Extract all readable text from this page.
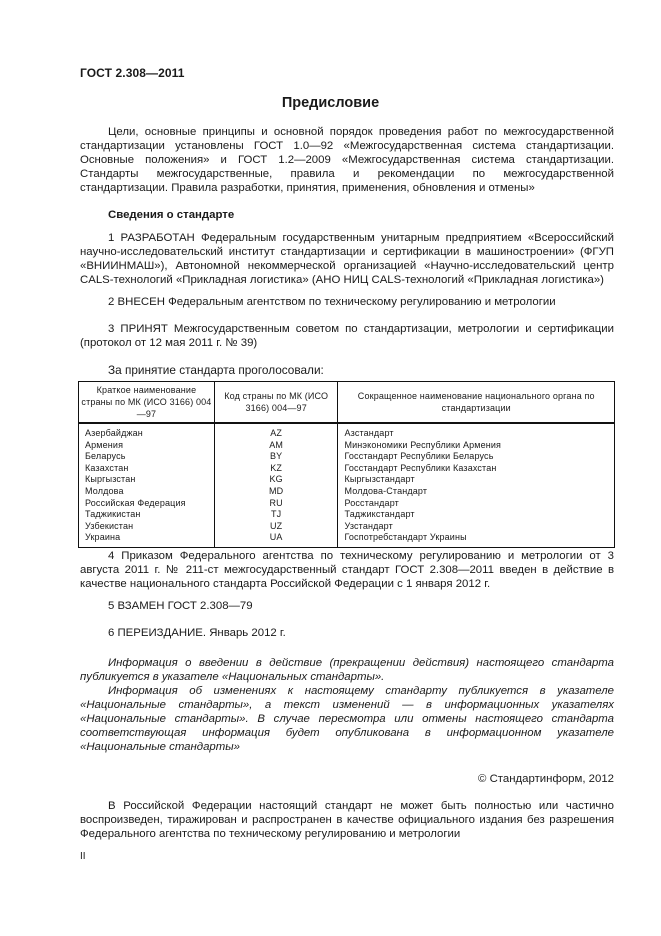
ГОСТ 2.308—2011
Предисловие

Цели, основные принципы и основной порядок проведения работ по межгосударственной стандартизации установлены ГОСТ 1.0—92 «Межгосударственная система стандартизации. Основные положения» и ГОСТ 1.2—2009 «Межгосударственная система стандартизации. Стандарты межгосударственные, правила и рекомендации по межгосударственной стандартизации. Правила разработки, принятия, применения, обновления и отмены»

Сведения о стандарте

1 РАЗРАБОТАН Федеральным государственным унитарным предприятием «Всероссийский научно-исследовательский институт стандартизации и сертификации в машиностроении» (ФГУП «ВНИИНМАШ»), Автономной некоммерческой организацией «Научно-исследовательский центр CALS-технологий «Прикладная логистика» (АНО НИЦ CALS-технологий «Прикладная логистика»)

2 ВНЕСЕН Федеральным агентством по техническому регулированию и метрологии

3 ПРИНЯТ Межгосударственным советом по стандартизации, метрологии и сертификации (протокол от 12 мая 2011 г. № 39)

За принятие стандарта проголосовали:
Краткое наименование страны по МК (ИСО 3166) 004—97	Код страны по МК (ИСО 3166) 004—97	Сокращенное наименование национального органа по стандартизации
Азербайджан	AZ	Азстандарт
Армения	AM	Минэкономики Республики Армения
Беларусь	BY	Госстандарт Республики Беларусь
Казахстан	KZ	Госстандарт Республики Казахстан
Кыргызстан	KG	Кыргызстандарт
Молдова	MD	Молдова-Стандарт
Российская Федерация	RU	Росстандарт
Таджикистан	TJ	Таджикстандарт
Узбекистан	UZ	Узстандарт
Украина	UA	Госпотребстандарт Украины

4 Приказом Федерального агентства по техническому регулированию и метрологии от 3 августа 2011 г. № 211-ст межгосударственный стандарт ГОСТ 2.308—2011 введен в действие в качестве национального стандарта Российской Федерации с 1 января 2012 г.

5 ВЗАМЕН ГОСТ 2.308—79

6 ПЕРЕИЗДАНИЕ. Январь 2012 г.

Информация о введении в действие (прекращении действия) настоящего стандарта публикуется в указателе «Национальных стандарты».

Информация об изменениях к настоящему стандарту публикуется в указателе «Национальные стандарты», а текст изменений — в информационных указателях «Национальные стандарты». В случае пересмотра или отмены настоящего стандарта соответствующая информация будет опубликована в информационном указателе «Национальные стандарты»

© Стандартинформ, 2012

В Российской Федерации настоящий стандарт не может быть полностью или частично воспроизведен, тиражирован и распространен в качестве официального издания без разрешения Федерального агентства по техническому регулированию и метрологии

II
